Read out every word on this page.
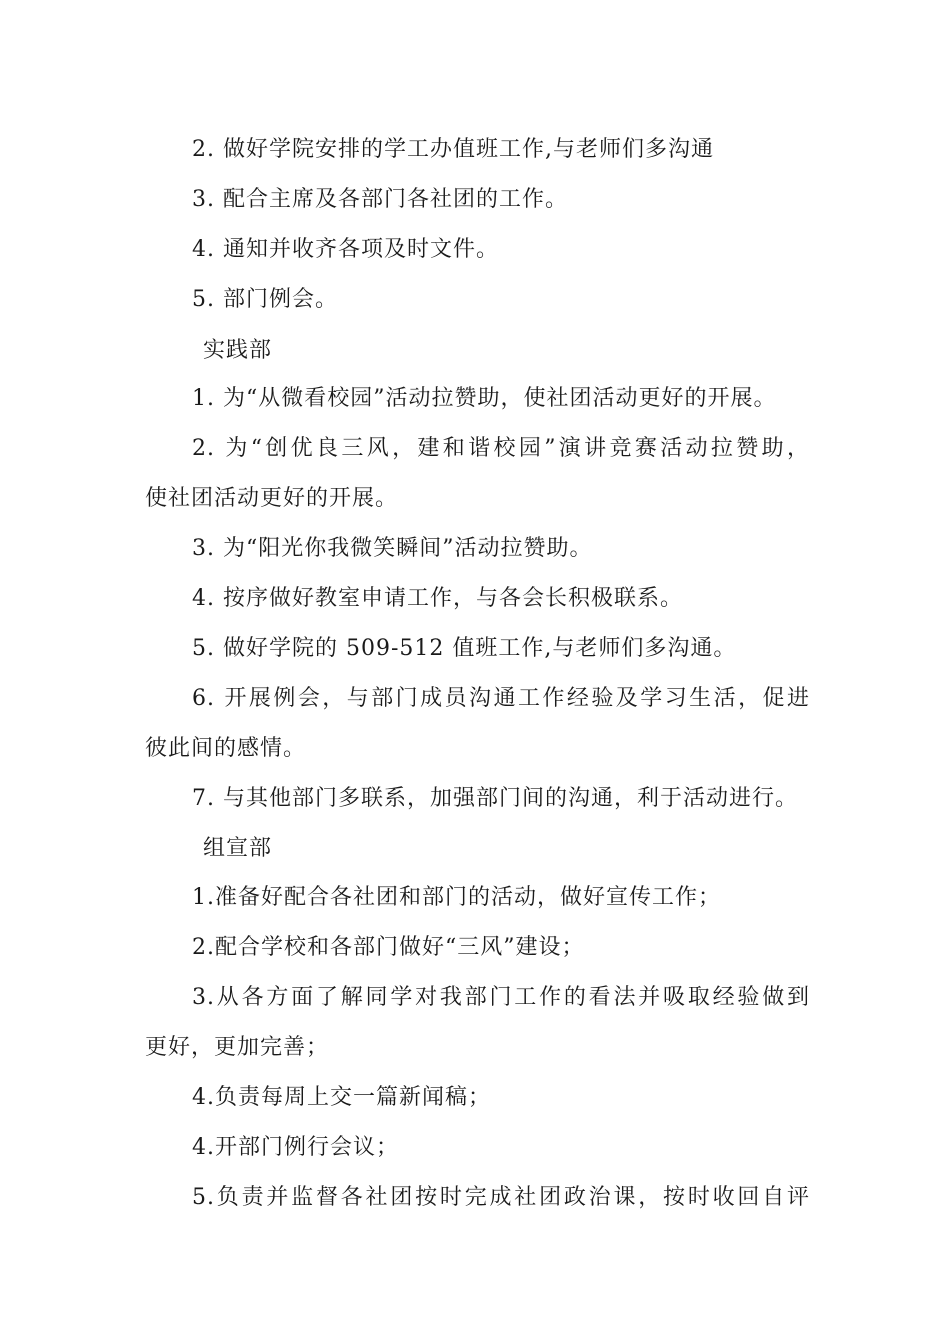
2. 做好学院安排的学工办值班工作,与老师们多沟通
3. 配合主席及各部门各社团的工作。
4. 通知并收齐各项及时文件。
5. 部门例会。
实践部
1. 为“从微看校园”活动拉赞助，使社团活动更好的开展。
2. 为“创优良三风，建和谐校园”演讲竞赛活动拉赞助，
使社团活动更好的开展。
3. 为“阳光你我微笑瞬间”活动拉赞助。
4. 按序做好教室申请工作，与各会长积极联系。
5. 做好学院的 509-512 值班工作,与老师们多沟通。
6. 开展例会，与部门成员沟通工作经验及学习生活，促进
彼此间的感情。
7. 与其他部门多联系，加强部门间的沟通，利于活动进行。
组宣部
1.准备好配合各社团和部门的活动，做好宣传工作；
2.配合学校和各部门做好“三风”建设；
3.从各方面了解同学对我部门工作的看法并吸取经验做到
更好，更加完善；
4.负责每周上交一篇新闻稿；
4.开部门例行会议；
5.负责并监督各社团按时完成社团政治课，按时收回自评
